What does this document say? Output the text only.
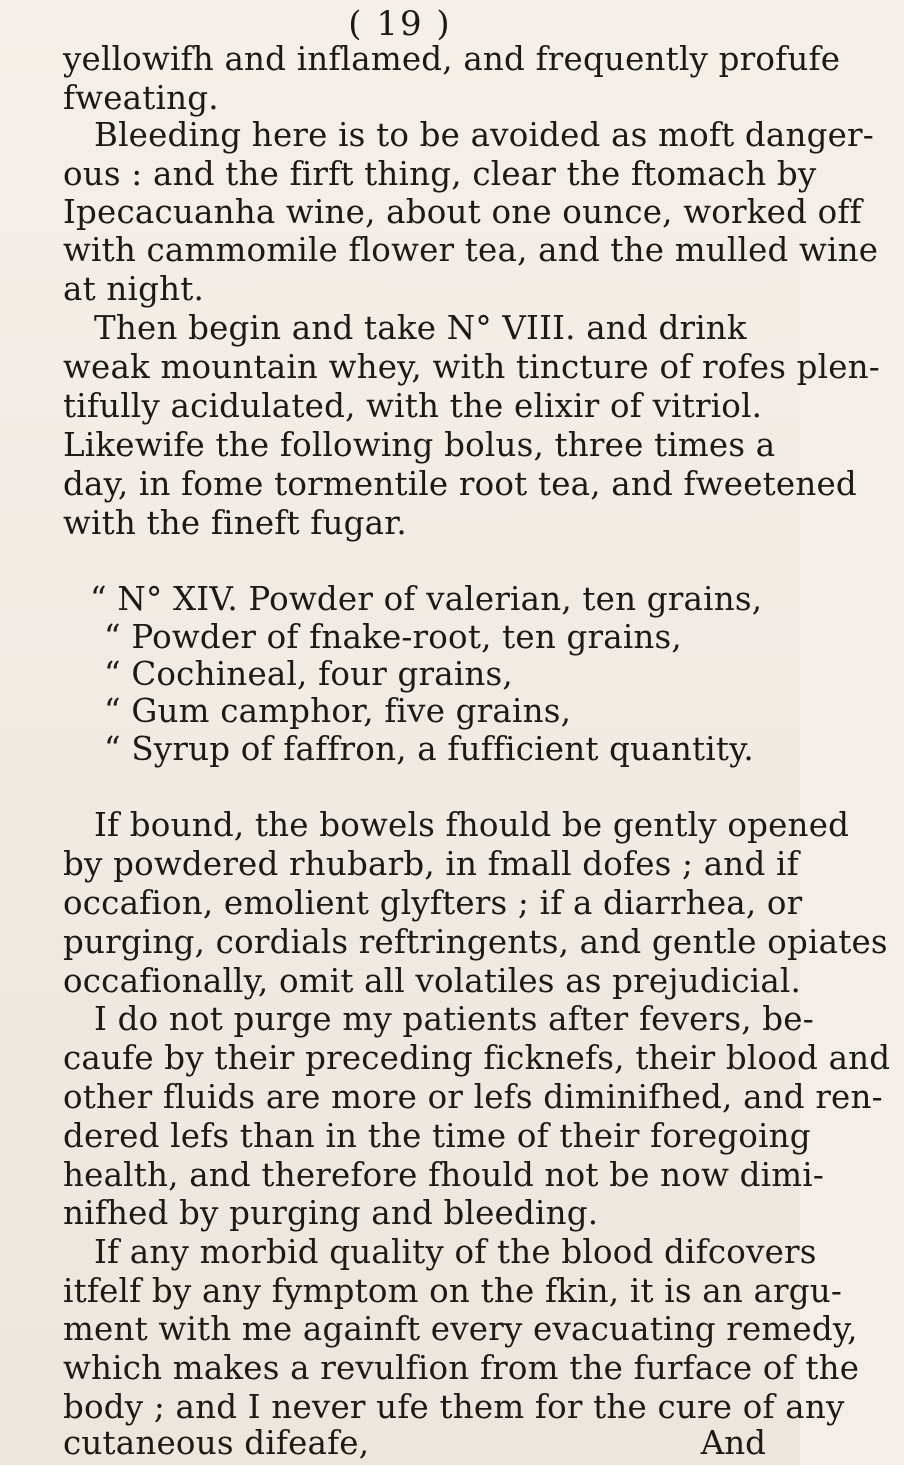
( 19 )
yellowifh and inflamed, and frequently profufe
fweating.
Bleeding here is to be avoided as moft danger-
ous : and the firft thing, clear the ftomach by
Ipecacuanha wine, about one ounce, worked off
with cammomile flower tea, and the mulled wine
at night.
Then begin and take N° VIII. and drink
weak mountain whey, with tincture of rofes plen-
tifully acidulated, with the elixir of vitriol.
Likewife the following bolus, three times a
day, in fome tormentile root tea, and fweetened
with the fineft fugar.
“ N° XIV. Powder of valerian, ten grains,
“ Powder of fnake-root, ten grains,
“ Cochineal, four grains,
“ Gum camphor, five grains,
“ Syrup of faffron, a fufficient quantity.
If bound, the bowels fhould be gently opened
by powdered rhubarb, in fmall dofes ; and if
occafion, emolient glyfters ; if a diarrhea, or
purging, cordials reftringents, and gentle opiates
occafionally, omit all volatiles as prejudicial.
I do not purge my patients after fevers, be-
caufe by their preceding ficknefs, their blood and
other fluids are more or lefs diminifhed, and ren-
dered lefs than in the time of their foregoing
health, and therefore fhould not be now dimi-
nifhed by purging and bleeding.
If any morbid quality of the blood difcovers
itfelf by any fymptom on the fkin, it is an argu-
ment with me againft every evacuating remedy,
which makes a revulfion from the furface of the
body ; and I never ufe them for the cure of any
cutaneous difeafe,	And
